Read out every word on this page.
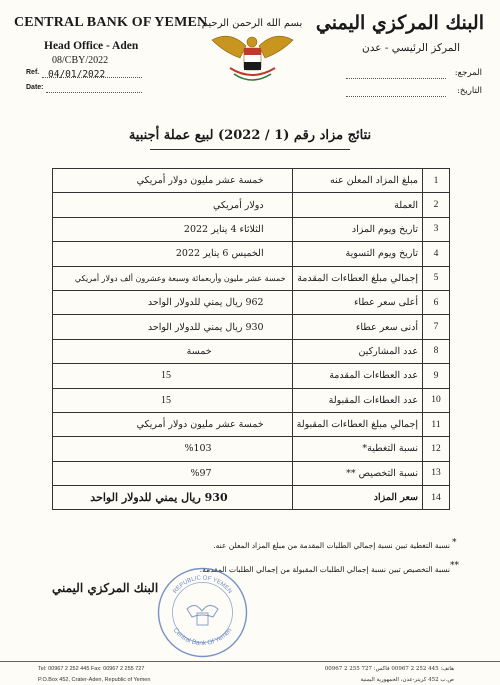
CENTRAL BANK OF YEMEN
Head Office - Aden
08/CBY/2022
Ref. 04/01/2022
Date:
بسم الله الرحمن الرحيم البنك المركزي اليمني
المركز الرئيسي - عدن
المرجع:
التاريخ:
نتائج مزاد رقم (1 / 2022) لبيع عملة أجنبية
خمسة عشر مليون دولار أمريكي	مبلغ المزاد المعلن عنه	1
دولار أمريكي	العملة	2
الثلاثاء 4 يناير 2022	تاريخ ويوم المزاد	3
الخميس 6 يناير 2022	تاريخ ويوم التسوية	4
خمسة عشر مليون وأربعمائة وسبعة وعشرون ألف دولار أمريكي	إجمالي مبلغ العطاءات المقدمة	5
962 ريال يمني للدولار الواحد	أعلى سعر عطاء	6
930 ريال يمني للدولار الواحد	أدنى سعر عطاء	7
خمسة	عدد المشاركين	8
15	عدد العطاءات المقدمة	9
15	عدد العطاءات المقبولة	10
خمسة عشر مليون دولار أمريكي	إجمالي مبلغ العطاءات المقبولة	11
%103	نسبة التغطية*	12
%97	نسبة التخصيص **	13
930 ريال يمني للدولار الواحد	سعر المزاد	14
*
نسبة التغطية تبين نسبة إجمالي الطلبات المقدمة من مبلغ المزاد المعلن عنه.
**
نسبة التخصيص تبين نسبة إجمالي الطلبات المقبولة من إجمالي الطلبات المقدمة.
البنك المركزي اليمني REPUBLIC OF YEMEN
Central Bank Of Yemen
Tel: 00967 2 252 445 Fax: 00967 2 255 727
P.O.Box 452, Crater-Aden, Republic of Yemen
هاتف: 445 252 2 00967 فاكس: 727 255 2 00967
ص.ب 452 كريتر-عدن، الجمهورية اليمنية
